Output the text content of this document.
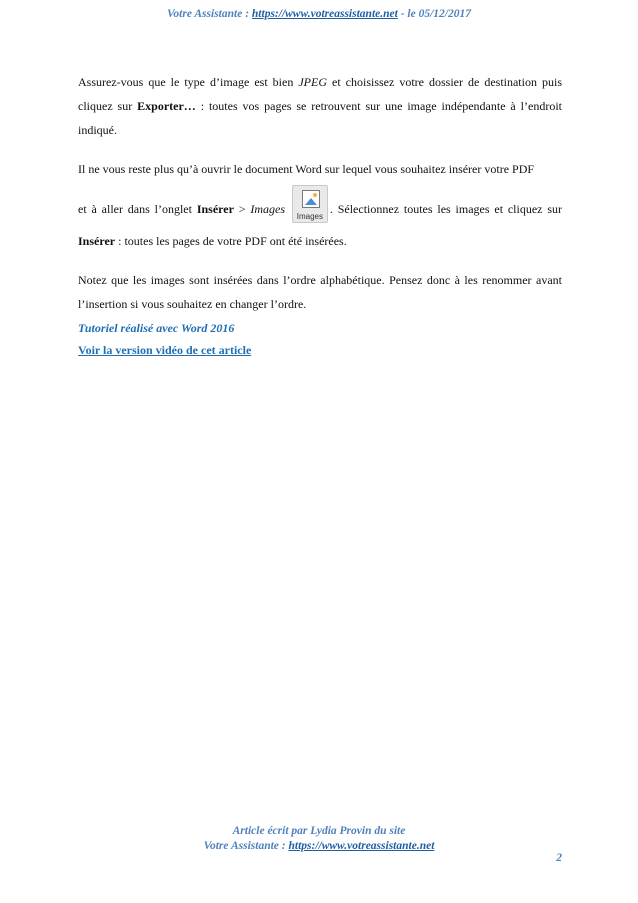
Votre Assistante : https://www.votreassistante.net - le 05/12/2017

Assurez-vous que le type d’image est bien JPEG et choisissez votre dossier de destination puis cliquez sur Exporter… : toutes vos pages se retrouvent sur une image indépendante à l’endroit indiqué.

Il ne vous reste plus qu’à ouvrir le document Word sur lequel vous souhaitez insérer votre PDF

et à aller dans l’onglet Insérer > Images
Images
. Sélectionnez toutes les images et cliquez sur Insérer : toutes les pages de votre PDF ont été insérées.

Notez que les images sont insérées dans l’ordre alphabétique. Pensez donc à les renommer avant l’insertion si vous souhaitez en changer l’ordre.

Tutoriel réalisé avec Word 2016

Voir la version vidéo de cet article

Article écrit par Lydia Provin du site
Votre Assistante : https://www.votreassistante.net
2
